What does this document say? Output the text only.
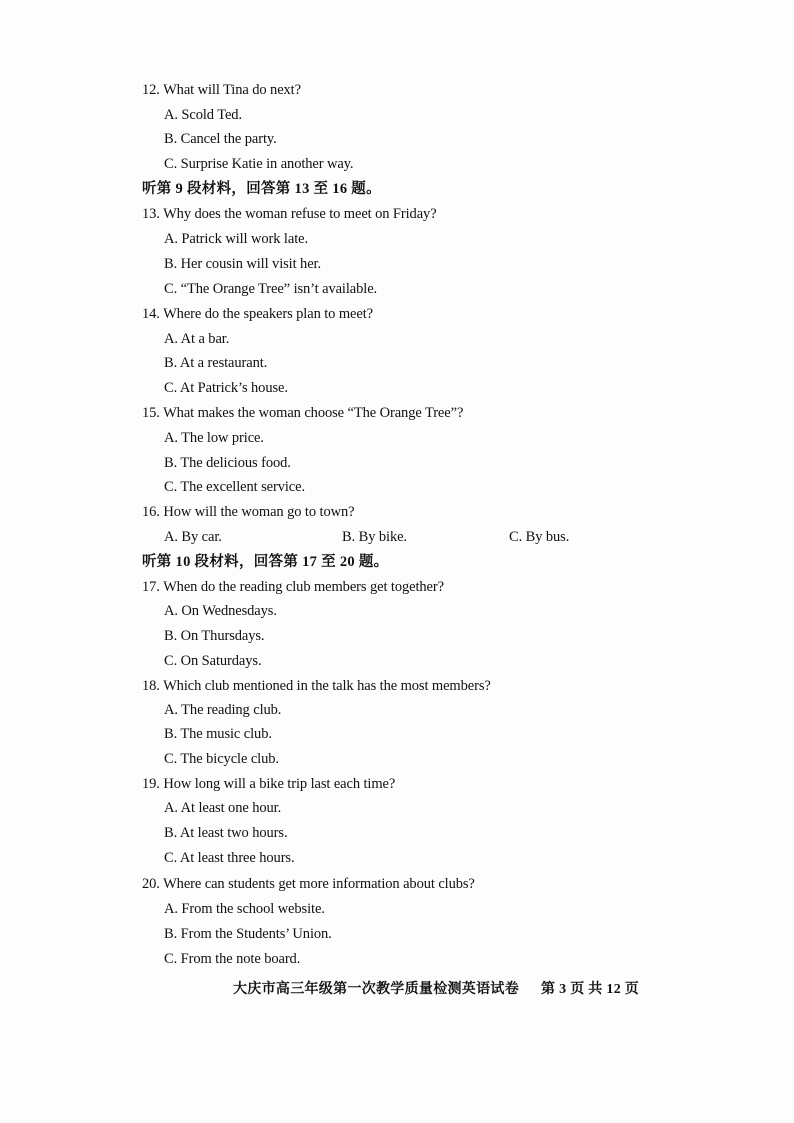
12. What will Tina do next?
A. Scold Ted.
B. Cancel the party.
C. Surprise Katie in another way.
听第 9 段材料，回答第 13 至 16 题。
13. Why does the woman refuse to meet on Friday?
A. Patrick will work late.
B. Her cousin will visit her.
C. “The Orange Tree” isn’t available.
14. Where do the speakers plan to meet?
A. At a bar.
B. At a restaurant.
C. At Patrick’s house.
15. What makes the woman choose “The Orange Tree”?
A. The low price.
B. The delicious food.
C. The excellent service.
16. How will the woman go to town?
A. By car.	B. By bike.	C. By bus.
听第 10 段材料，回答第 17 至 20 题。
17. When do the reading club members get together?
A. On Wednesdays.
B. On Thursdays.
C. On Saturdays.
18. Which club mentioned in the talk has the most members?
A. The reading club.
B. The music club.
C. The bicycle club.
19. How long will a bike trip last each time?
A. At least one hour.
B. At least two hours.
C. At least three hours.
20. Where can students get more information about clubs?
A. From the school website.
B. From the Students’ Union.
C. From the note board.
大庆市高三年级第一次教学质量检测英语试卷 第 3 页 共 12 页
